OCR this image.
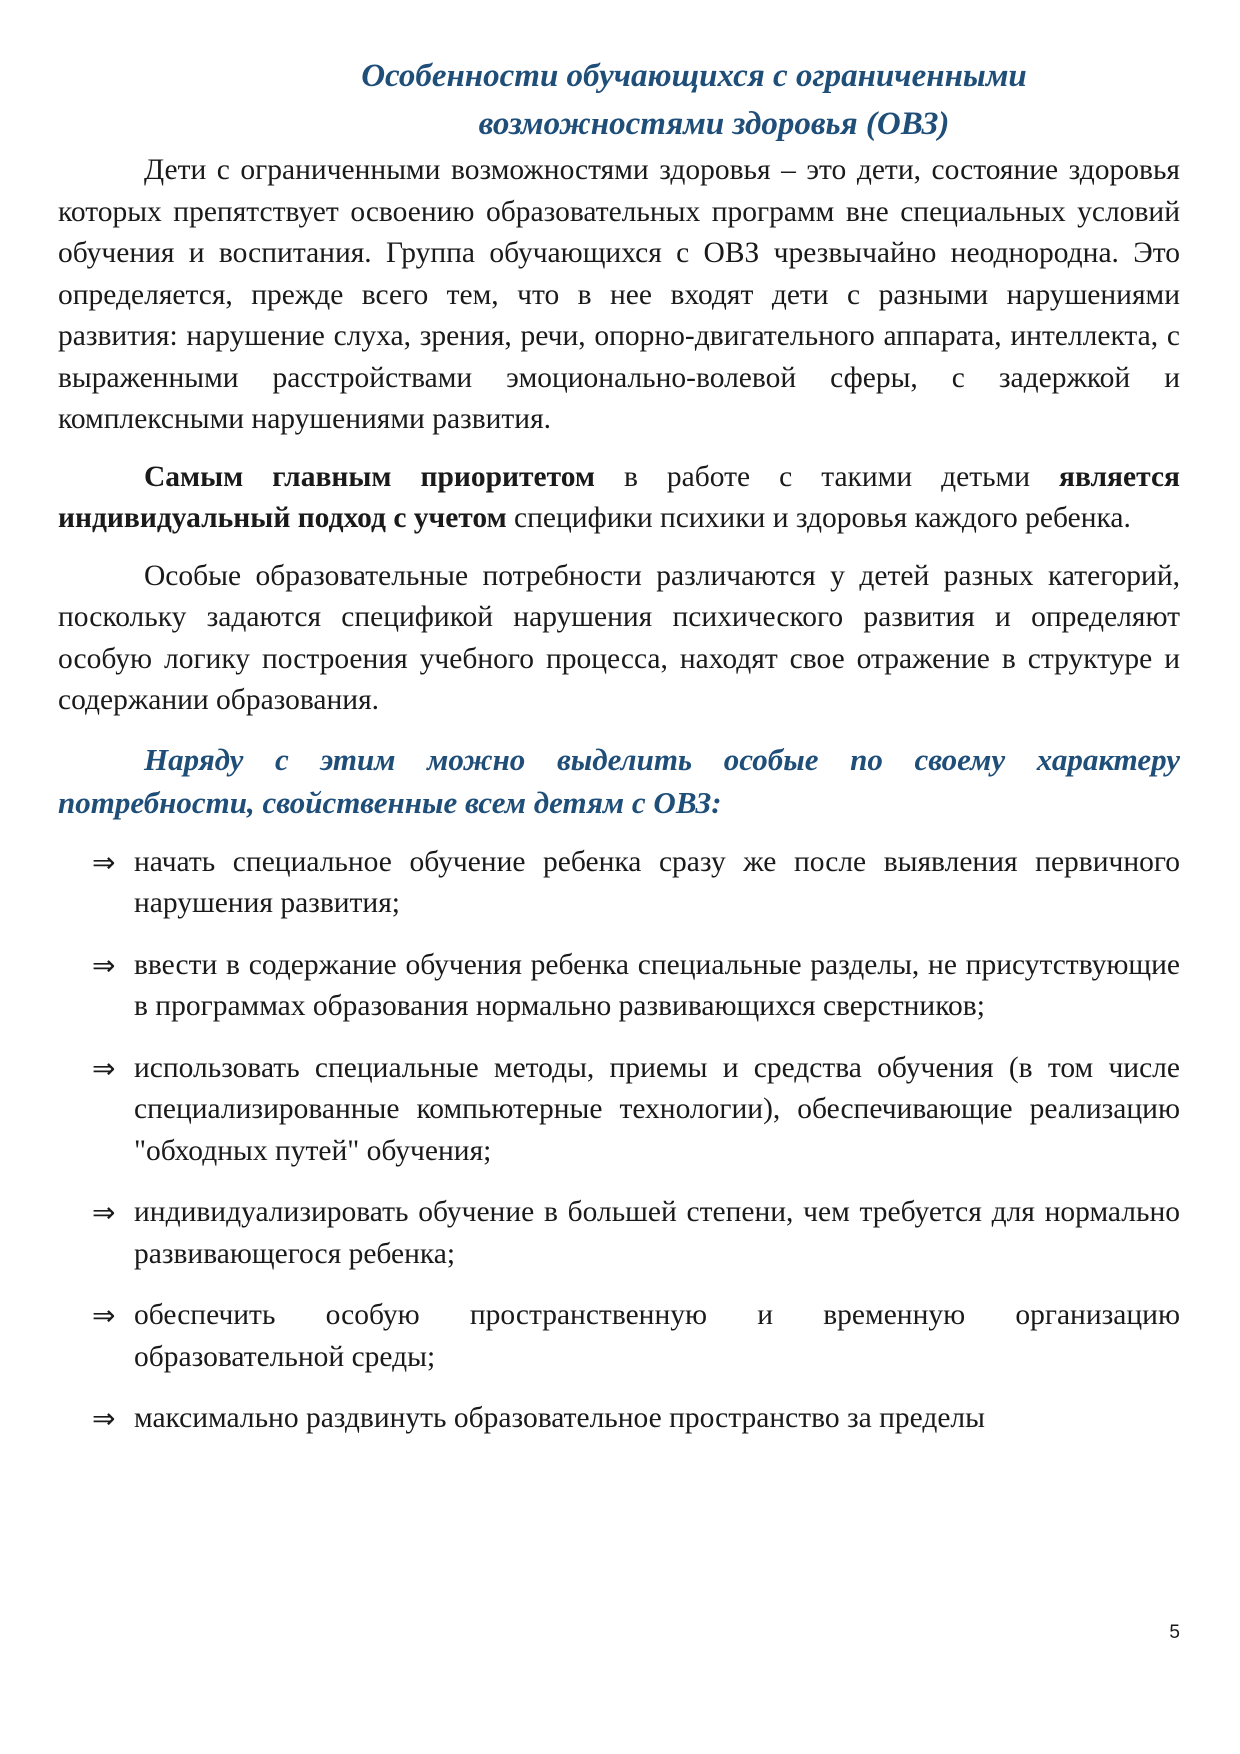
Особенности обучающихся с ограниченными
возможностями здоровья (ОВЗ)

Дети с ограниченными возможностями здоровья – это дети, состояние здоровья которых препятствует освоению образовательных программ вне специальных условий обучения и воспитания. Группа обучающихся с ОВЗ чрезвычайно неоднородна. Это определяется, прежде всего тем, что в нее входят дети с разными нарушениями развития: нарушение слуха, зрения, речи, опорно-двигательного аппарата, интеллекта, с выраженными расстройствами эмоционально-волевой сферы, с задержкой и комплексными нарушениями развития.

Самым главным приоритетом в работе с такими детьми является индивидуальный подход с учетом специфики психики и здоровья каждого ребенка.

Особые образовательные потребности различаются у детей разных категорий, поскольку задаются спецификой нарушения психического развития и определяют особую логику построения учебного процесса, находят свое отражение в структуре и содержании образования.

Наряду с этим можно выделить особые по своему характеру потребности, свойственные всем детям с ОВЗ:
⇒ начать специальное обучение ребенка сразу же после выявления первичного нарушения развития;
⇒ ввести в содержание обучения ребенка специальные разделы, не присутствующие в программах образования нормально развивающихся сверстников;
⇒ использовать специальные методы, приемы и средства обучения (в том числе специализированные компьютерные технологии), обеспечивающие реализацию "обходных путей" обучения;
⇒ индивидуализировать обучение в большей степени, чем требуется для нормально развивающегося ребенка;
⇒ обеспечить особую пространственную и временную организацию образовательной среды;
⇒ максимально раздвинуть образовательное пространство за пределы
5
